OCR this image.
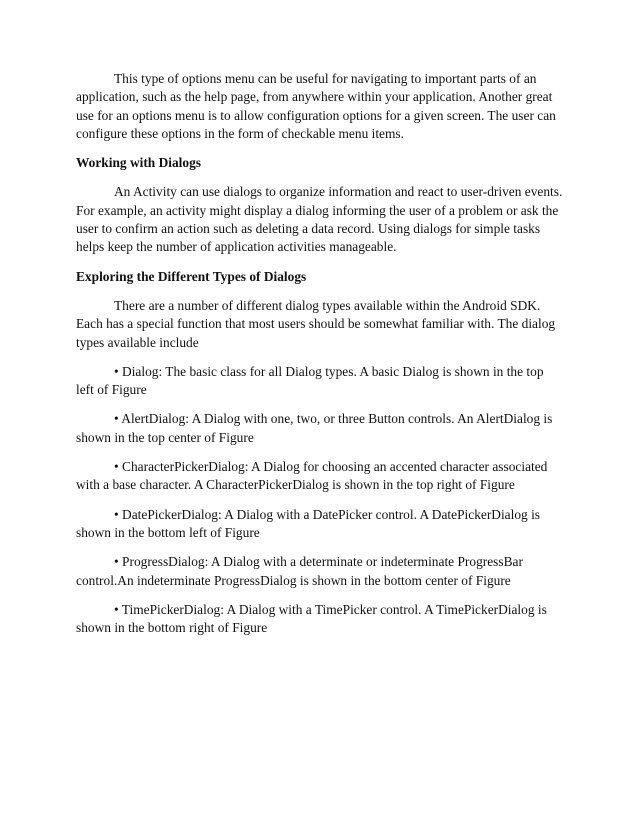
This type of options menu can be useful for navigating to important parts of an application, such as the help page, from anywhere within your application. Another great use for an options menu is to allow configuration options for a given screen. The user can configure these options in the form of checkable menu items.

Working with Dialogs

An Activity can use dialogs to organize information and react to user-driven events. For example, an activity might display a dialog informing the user of a problem or ask the user to confirm an action such as deleting a data record. Using dialogs for simple tasks helps keep the number of application activities manageable.

Exploring the Different Types of Dialogs

There are a number of different dialog types available within the Android SDK. Each has a special function that most users should be somewhat familiar with. The dialog types available include

• Dialog: The basic class for all Dialog types. A basic Dialog is shown in the top left of Figure

• AlertDialog: A Dialog with one, two, or three Button controls. An AlertDialog is shown in the top center of Figure

• CharacterPickerDialog: A Dialog for choosing an accented character associated with a base character. A CharacterPickerDialog is shown in the top right of Figure

• DatePickerDialog: A Dialog with a DatePicker control. A DatePickerDialog is shown in the bottom left of Figure

• ProgressDialog: A Dialog with a determinate or indeterminate ProgressBar control.An indeterminate ProgressDialog is shown in the bottom center of Figure

• TimePickerDialog: A Dialog with a TimePicker control. A TimePickerDialog is shown in the bottom right of Figure
